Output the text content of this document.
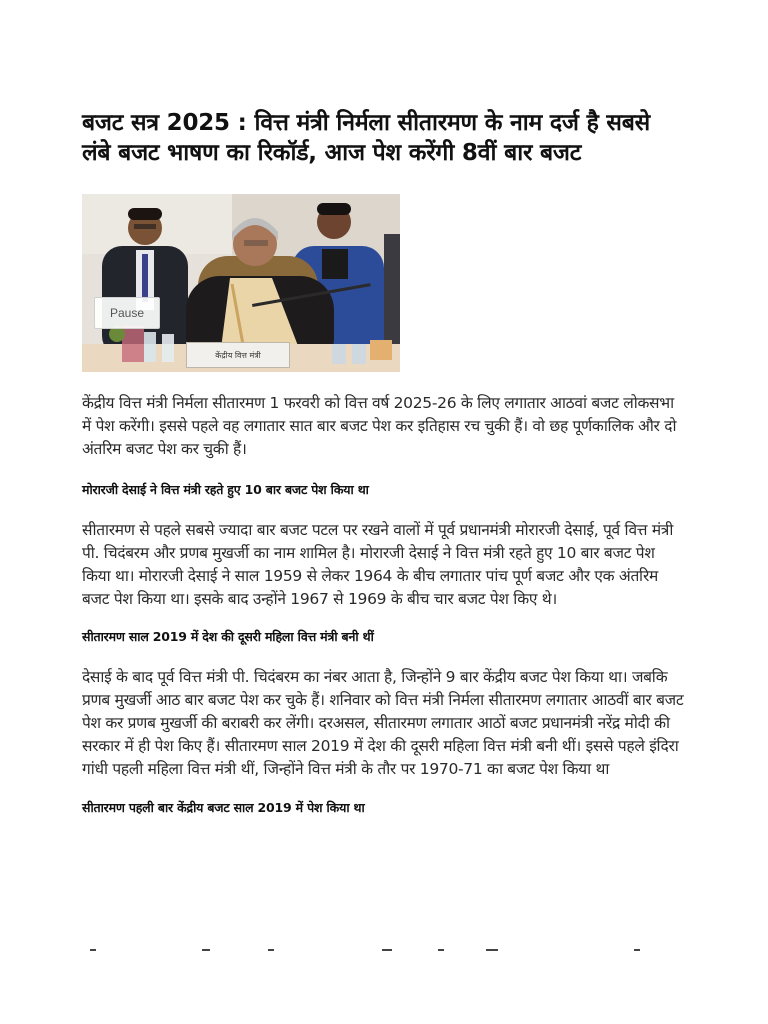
बजट सत्र 2025 : वित्त मंत्री निर्मला सीतारमण के नाम दर्ज है सबसे लंबे बजट भाषण का रिकॉर्ड, आज पेश करेंगी 8वीं बार बजट
Pause
केंद्रीय वित्त मंत्री

केंद्रीय वित्त मंत्री निर्मला सीतारमण 1 फरवरी को वित्त वर्ष 2025-26 के लिए लगातार आठवां बजट लोकसभा में पेश करेंगी। इससे पहले वह लगातार सात बार बजट पेश कर इतिहास रच चुकी हैं। वो छह पूर्णकालिक और दो अंतरिम बजट पेश कर चुकी हैं।

मोरारजी देसाई ने वित्त मंत्री रहते हुए 10 बार बजट पेश किया था

सीतारमण से पहले सबसे ज्यादा बार बजट पटल पर रखने वालों में पूर्व प्रधानमंत्री मोरारजी देसाई, पूर्व वित्त मंत्री पी. चिदंबरम और प्रणब मुखर्जी का नाम शामिल है। मोरारजी देसाई ने वित्त मंत्री रहते हुए 10 बार बजट पेश किया था। मोरारजी देसाई ने साल 1959 से लेकर 1964 के बीच लगातार पांच पूर्ण बजट और एक अंतरिम बजट पेश किया था। इसके बाद उन्होंने 1967 से 1969 के बीच चार बजट पेश किए थे।

सीतारमण साल 2019 में देश की दूसरी महिला वित्त मंत्री बनी थीं

देसाई के बाद पूर्व वित्त मंत्री पी. चिदंबरम का नंबर आता है, जिन्होंने 9 बार केंद्रीय बजट पेश किया था। जबकि प्रणब मुखर्जी आठ बार बजट पेश कर चुके हैं। शनिवार को वित्त मंत्री निर्मला सीतारमण लगातार आठवीं बार बजट पेश कर प्रणब मुखर्जी की बराबरी कर लेंगी। दरअसल, सीतारमण लगातार आठों बजट प्रधानमंत्री नरेंद्र मोदी की सरकार में ही पेश किए हैं। सीतारमण साल 2019 में देश की दूसरी महिला वित्त मंत्री बनी थीं। इससे पहले इंदिरा गांधी पहली महिला वित्त मंत्री थीं, जिन्होंने वित्त मंत्री के तौर पर 1970-71 का बजट पेश किया था

सीतारमण पहली बार केंद्रीय बजट साल 2019 में पेश किया था
